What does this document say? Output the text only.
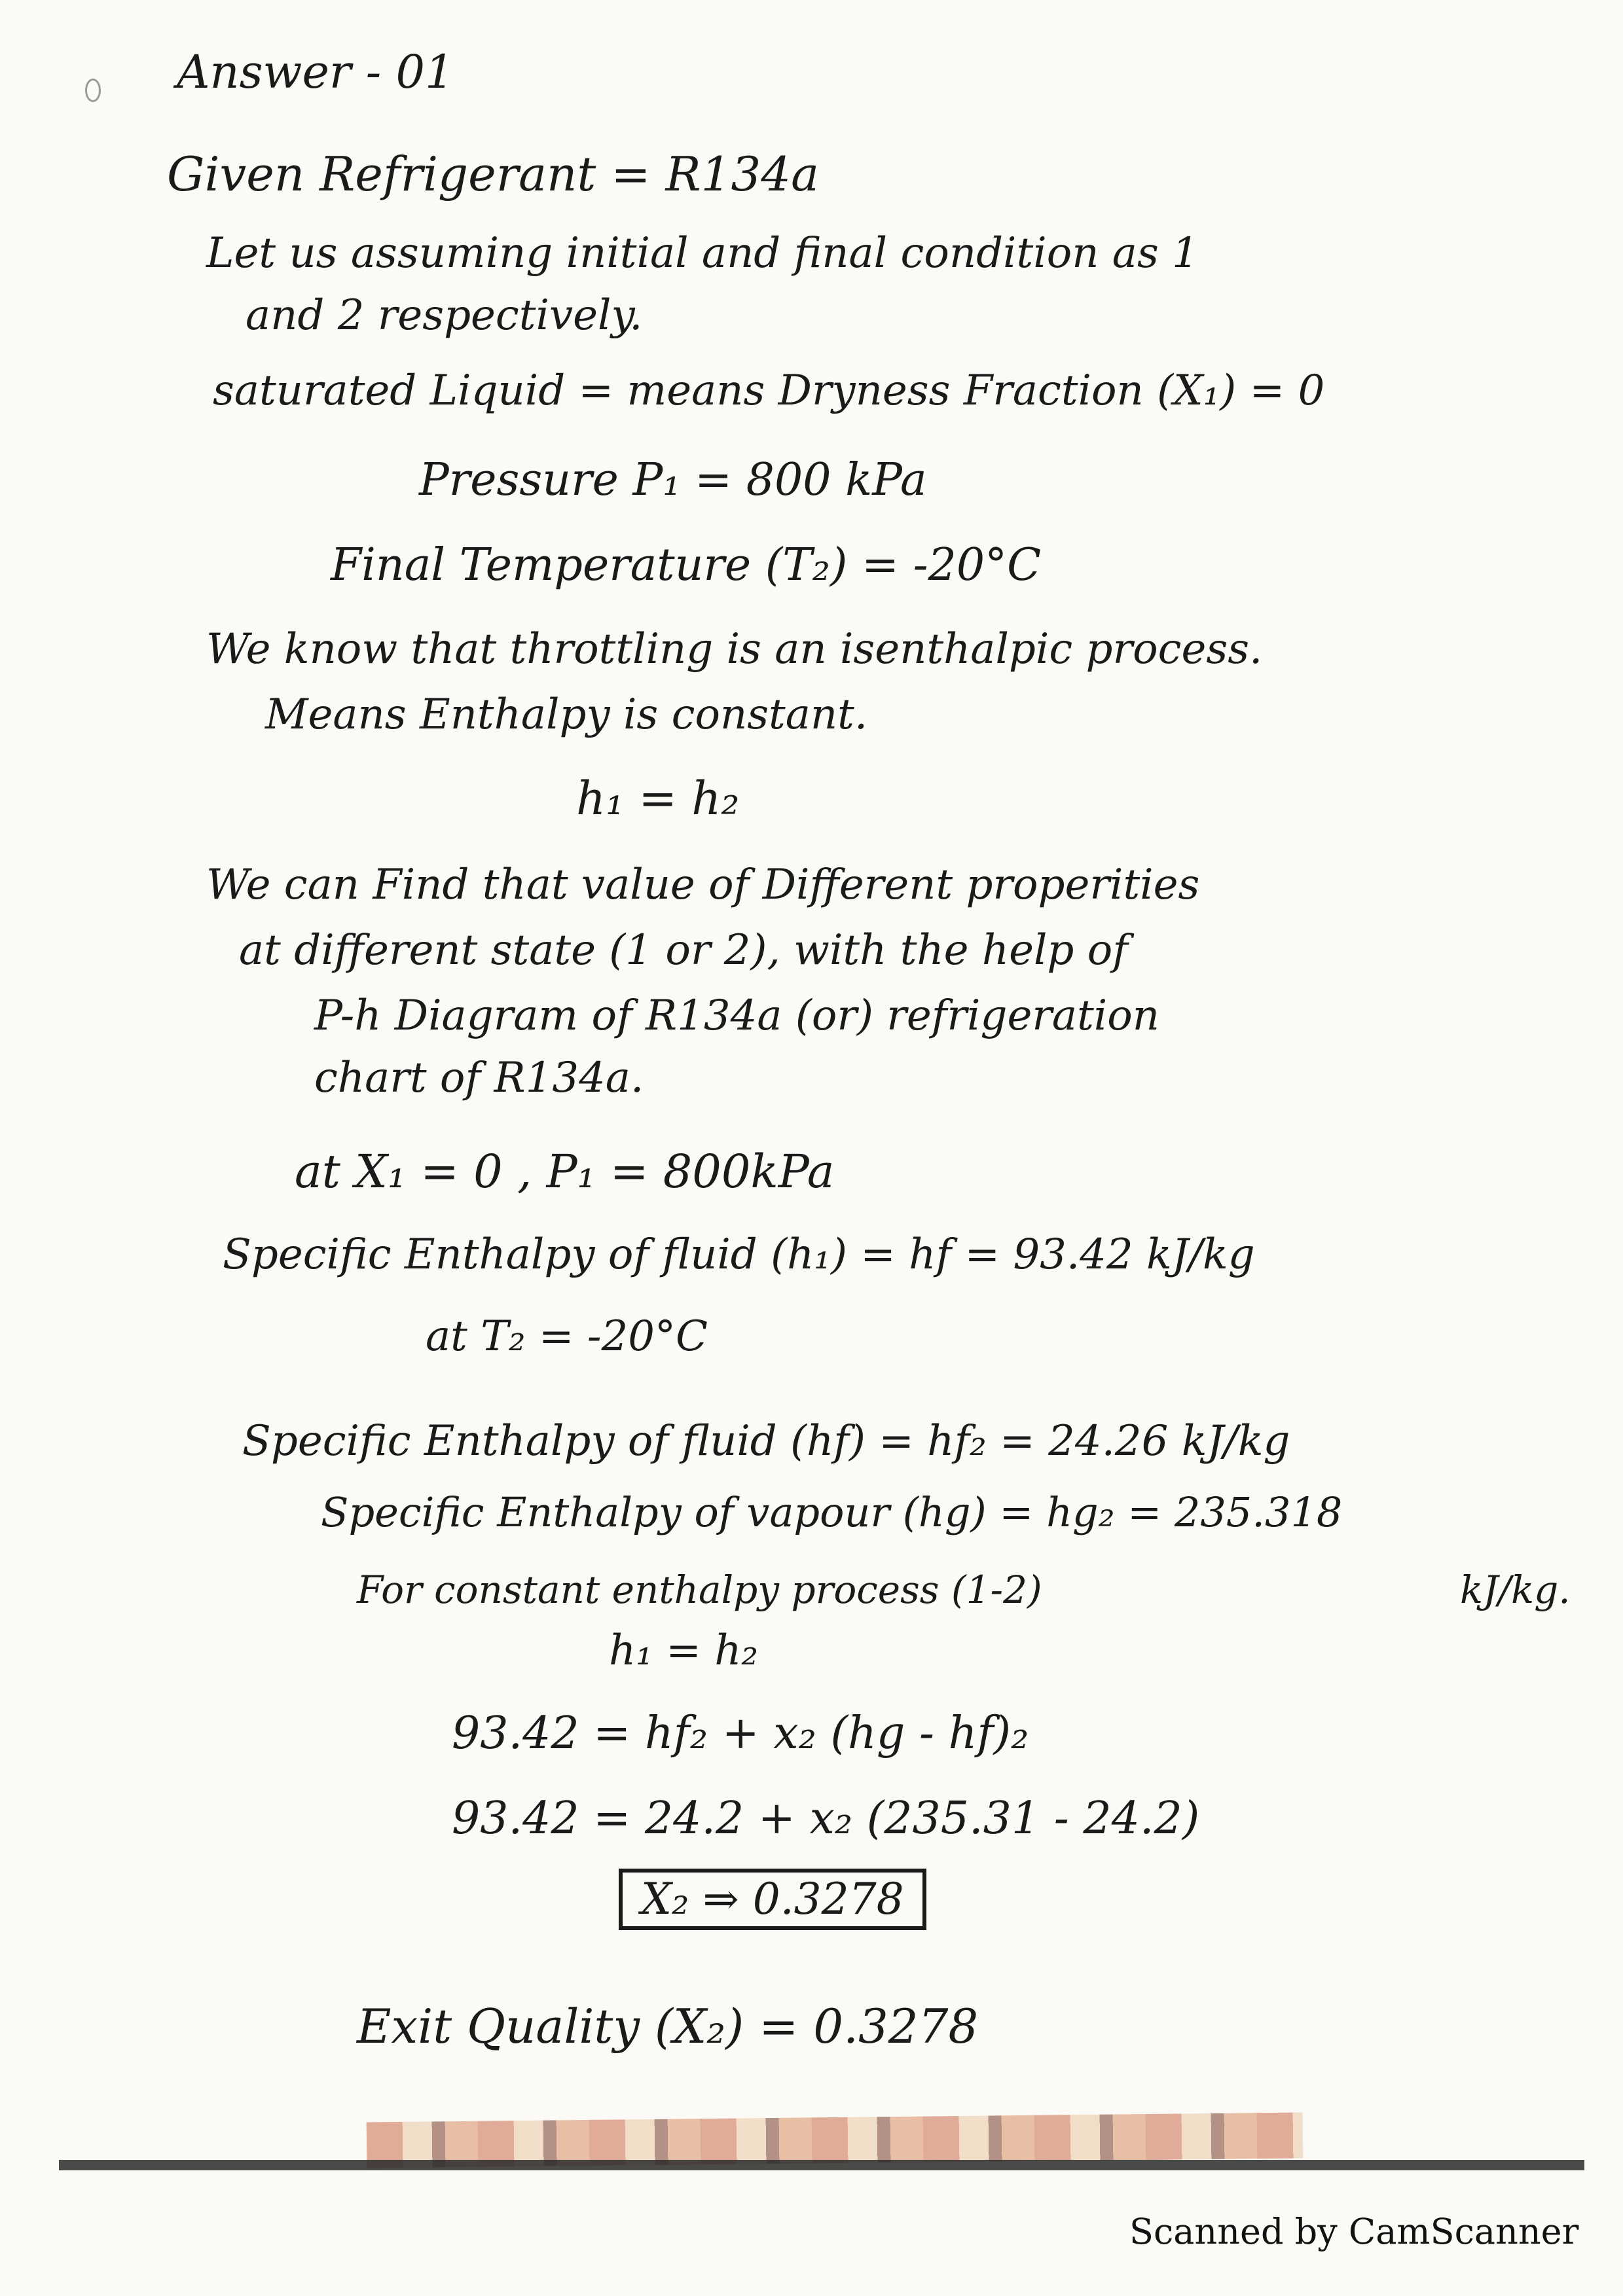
Answer - 01
Given Refrigerant = R134a
Let us assuming initial and final condition as 1
and 2 respectively.
saturated Liquid = means Dryness Fraction (X₁) = 0
Pressure P₁ = 800 kPa
Final Temperature (T₂) = -20°C
We know that throttling is an isenthalpic process.
Means Enthalpy is constant.
h₁ = h₂
We can Find that value of Different properities
at different state (1 or 2), with the help of
P-h Diagram of R134a (or) refrigeration
chart of R134a.
at X₁ = 0 , P₁ = 800kPa
Specific Enthalpy of fluid (h₁) = hf = 93.42 kJ/kg
at T₂ = -20°C
Specific Enthalpy of fluid (hf) = hf₂ = 24.26 kJ/kg
Specific Enthalpy of vapour (hg) = hg₂ = 235.318
For constant enthalpy process (1-2)	kJ/kg.
h₁ = h₂
93.42 = hf₂ + x₂ (hg - hf)₂
93.42 = 24.2 + x₂ (235.31 - 24.2)
X₂ ⇒ 0.3278
Exit Quality (X₂) = 0.3278
Scanned by CamScanner
